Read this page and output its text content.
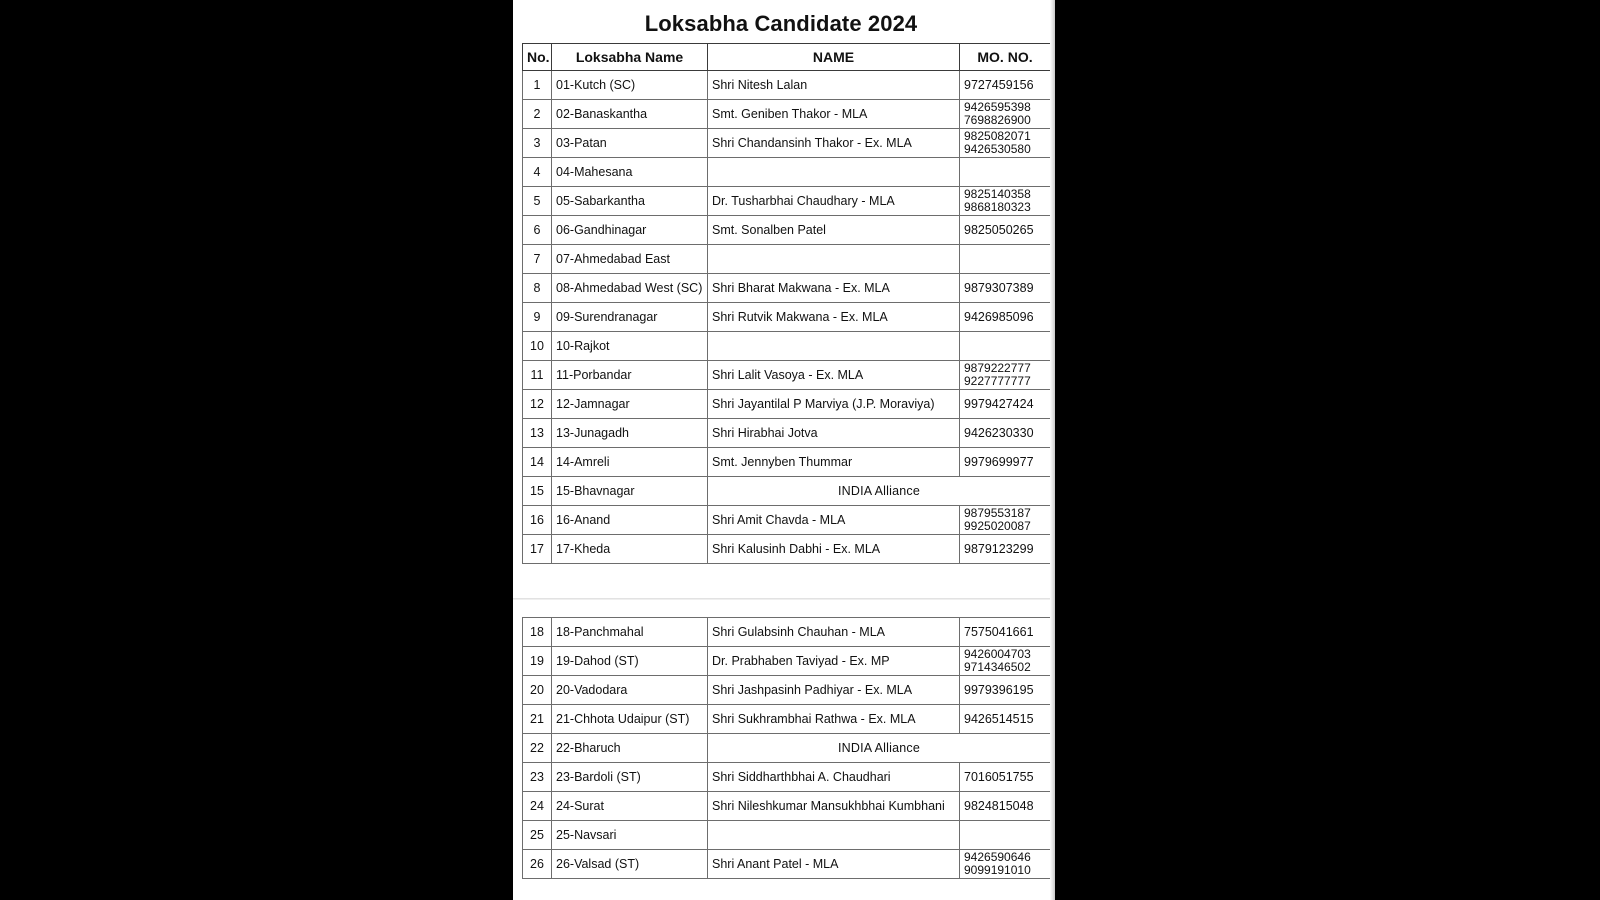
Loksabha Candidate 2024
No.	Loksabha Name	NAME	MO. NO.
1	01-Kutch (SC)	Shri Nitesh Lalan	9727459156
2	02-Banaskantha	Smt. Geniben Thakor - MLA	9426595398
7698826900

3	03-Patan	Shri Chandansinh Thakor - Ex. MLA	9825082071
9426530580

4	04-Mahesana		
5	05-Sabarkantha	Dr. Tusharbhai Chaudhary - MLA	9825140358
9868180323

6	06-Gandhinagar	Smt. Sonalben Patel	9825050265
7	07-Ahmedabad East		
8	08-Ahmedabad West (SC)	Shri Bharat Makwana - Ex. MLA	9879307389
9	09-Surendranagar	Shri Rutvik Makwana - Ex. MLA	9426985096
10	10-Rajkot		
11	11-Porbandar	Shri Lalit Vasoya - Ex. MLA	9879222777
9227777777

12	12-Jamnagar	Shri Jayantilal P Marviya (J.P. Moraviya)	9979427424
13	13-Junagadh	Shri Hirabhai Jotva	9426230330
14	14-Amreli	Smt. Jennyben Thummar	9979699977
15	15-Bhavnagar	INDIA Alliance	
16	16-Anand	Shri Amit Chavda - MLA	9879553187
9925020087

17	17-Kheda	Shri Kalusinh Dabhi - Ex. MLA	9879123299
18	18-Panchmahal	Shri Gulabsinh Chauhan - MLA	7575041661
19	19-Dahod (ST)	Dr. Prabhaben Taviyad - Ex. MP	9426004703
9714346502

20	20-Vadodara	Shri Jashpasinh Padhiyar - Ex. MLA	9979396195
21	21-Chhota Udaipur (ST)	Shri Sukhrambhai Rathwa - Ex. MLA	9426514515
22	22-Bharuch	INDIA Alliance	
23	23-Bardoli (ST)	Shri Siddharthbhai A. Chaudhari	7016051755
24	24-Surat	Shri Nileshkumar Mansukhbhai Kumbhani	9824815048
25	25-Navsari		
26	26-Valsad (ST)	Shri Anant Patel - MLA	9426590646
9099191010
